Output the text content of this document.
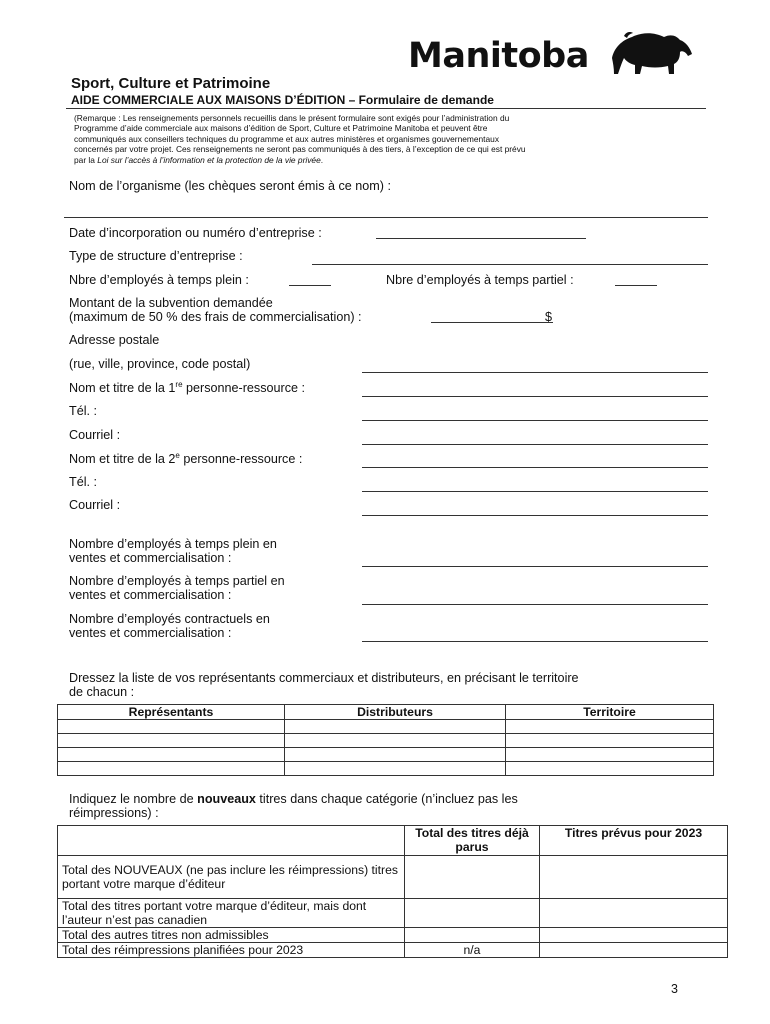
Manitoba
Sport, Culture et Patrimoine
AIDE COMMERCIALE AUX MAISONS D’ÉDITION – Formulaire de demande
(Remarque : Les renseignements personnels recueillis dans le présent formulaire sont exigés pour l’administration du
Programme d’aide commerciale aux maisons d’édition de Sport, Culture et Patrimoine Manitoba et peuvent être
communiqués aux conseillers techniques du programme et aux autres ministères et organismes gouvernementaux
concernés par votre projet. Ces renseignements ne seront pas communiqués à des tiers, à l’exception de ce qui est prévu
par la Loi sur l’accès à l’information et la protection de la vie privée.
Nom de l’organisme (les chèques seront émis à ce nom) :
Date d’incorporation ou numéro d’entreprise :
Type de structure d’entreprise :
Nbre d’employés à temps plein :	Nbre d’employés à temps partiel :
Montant de la subvention demandée
(maximum de 50 % des frais de commercialisation) :	$
Adresse postale
(rue, ville, province, code postal)
Nom et titre de la 1re personne-ressource :
Tél. :
Courriel :
Nom et titre de la 2e personne-ressource :
Tél. :
Courriel :
Nombre d’employés à temps plein en
ventes et commercialisation :
Nombre d’employés à temps partiel en
ventes et commercialisation :
Nombre d’employés contractuels en
ventes et commercialisation :
Dressez la liste de vos représentants commerciaux et distributeurs, en précisant le territoire
de chacun :
Représentants	Distributeurs	Territoire

Indiquez le nombre de nouveaux titres dans chaque catégorie (n’incluez pas les
réimpressions) :
	Total des titres déjà parus	Titres prévus pour 2023
Total des NOUVEAUX (ne pas inclure les réimpressions) titres portant votre marque d’éditeur		
Total des titres portant votre marque d’éditeur, mais dont l’auteur n’est pas canadien		
Total des autres titres non admissibles		
Total des réimpressions planifiées pour 2023	n/a	
3
